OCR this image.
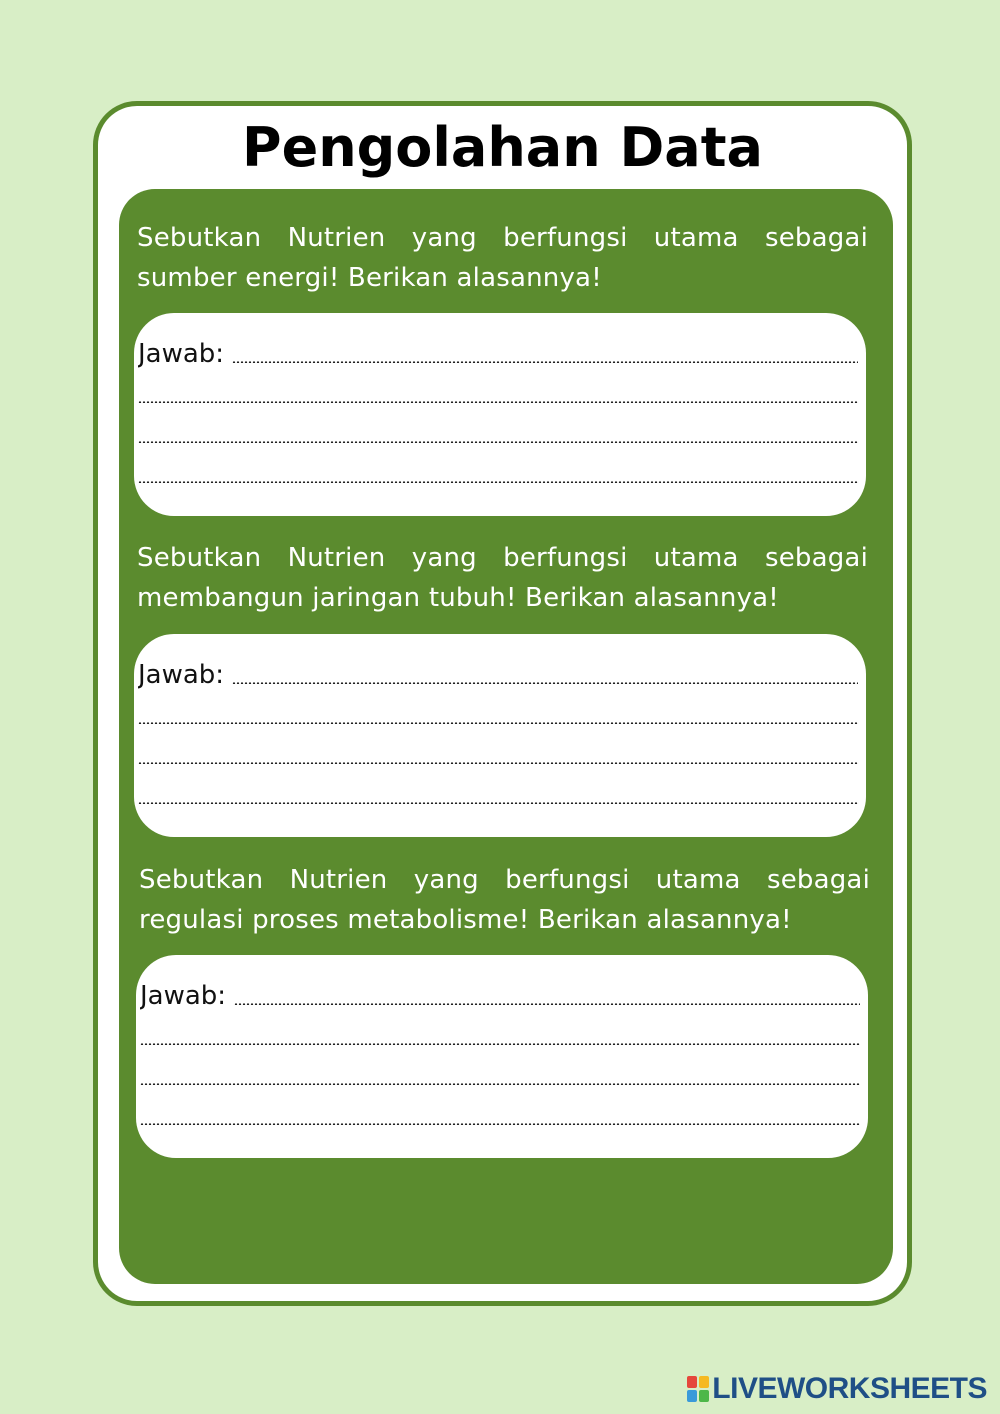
Pengolahan Data
Sebutkan Nutrien yang berfungsi utama sebagai sumber energi! Berikan alasannya!
Jawab:
Sebutkan Nutrien yang berfungsi utama sebagai membangun jaringan tubuh! Berikan alasannya!
Jawab:
Sebutkan Nutrien yang berfungsi utama sebagai regulasi proses metabolisme! Berikan alasannya!
Jawab:
LIVEWORKSHEETS
